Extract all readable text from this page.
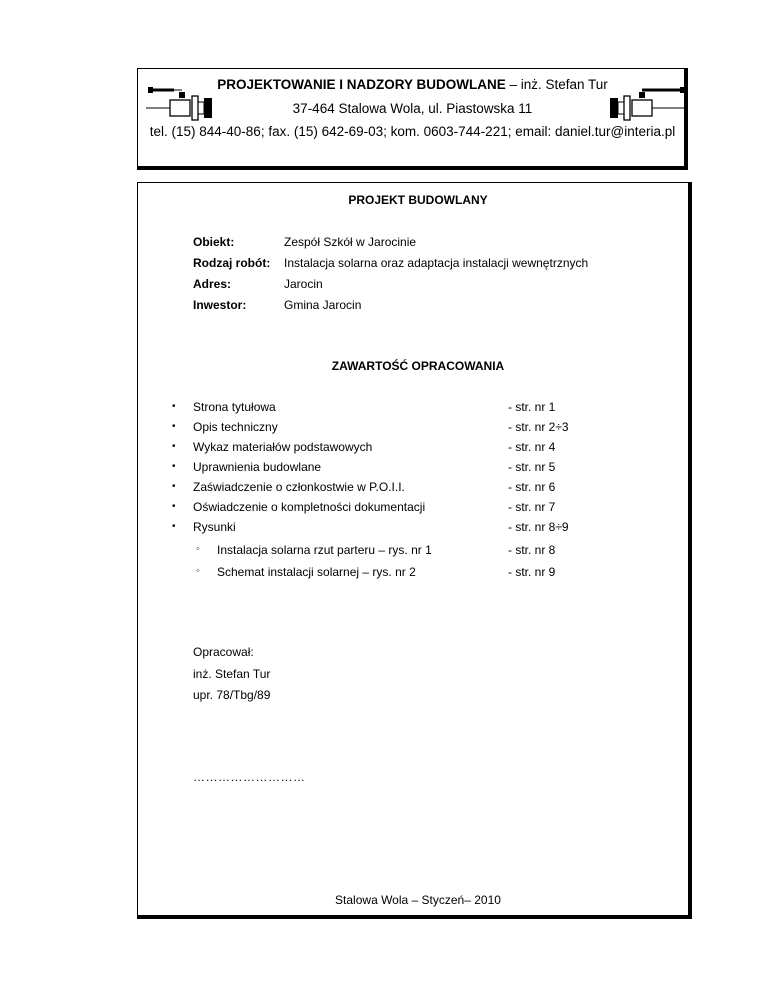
PROJEKTOWANIE I NADZORY BUDOWLANE – inż. Stefan Tur
37-464 Stalowa Wola, ul. Piastowska 11
tel. (15) 844-40-86; fax. (15) 642-69-03; kom. 0603-744-221; email: daniel.tur@interia.pl
PROJEKT BUDOWLANY
Obiekt:	Zespół Szkół w Jarocinie
Rodzaj robót: Instalacja solarna oraz adaptacja instalacji wewnętrznych
Adres:	Jarocin
Inwestor:	Gmina Jarocin
ZAWARTOŚĆ OPRACOWANIA
• Strona tytułowa	- str. nr 1
• Opis techniczny	- str. nr 2÷3
• Wykaz materiałów podstawowych	- str. nr 4
• Uprawnienia budowlane	- str. nr 5
• Zaświadczenie o członkostwie w P.O.I.I.	- str. nr 6
• Oświadczenie o kompletności dokumentacji	- str. nr 7
• Rysunki	- str. nr 8÷9
◦ Instalacja solarna rzut parteru – rys. nr 1	- str. nr 8
◦ Schemat instalacji solarnej – rys. nr 2	- str. nr 9
Opracował:
inż. Stefan Tur
upr. 78/Tbg/89
………………………
Stalowa Wola – Styczeń– 2010
